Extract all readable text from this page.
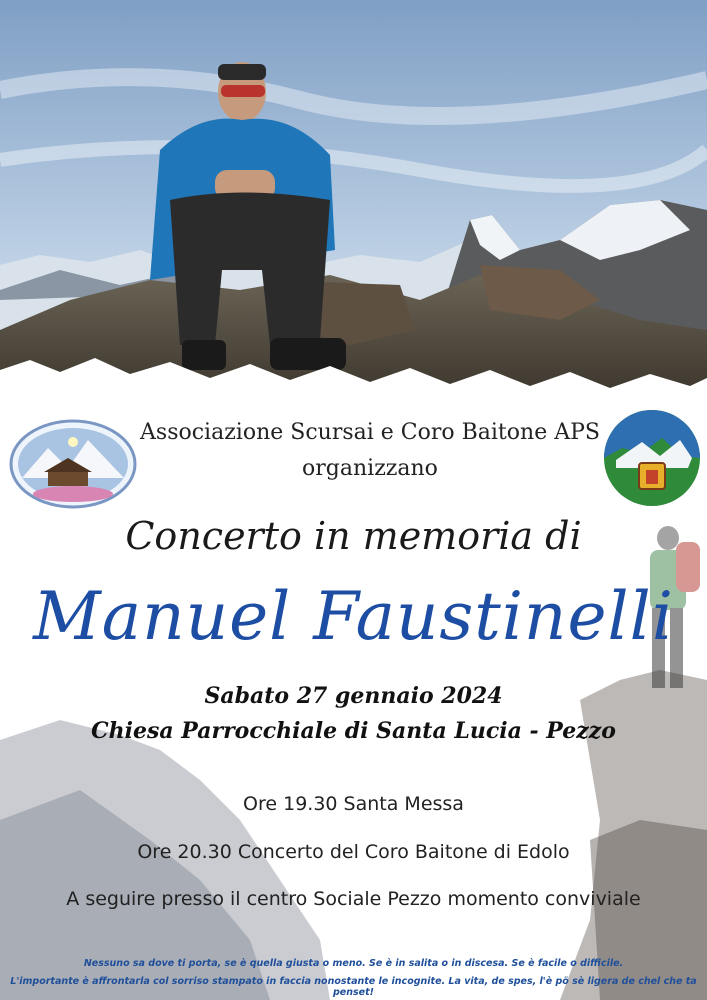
Associazione Scursai e Coro Baitone APS
organizzano
Concerto in memoria di
Manuel Faustinelli
Sabato 27 gennaio 2024
Chiesa Parrocchiale di Santa Lucia - Pezzo
Ore 19.30 Santa Messa
Ore 20.30 Concerto del Coro Baitone di Edolo
A seguire presso il centro Sociale Pezzo momento conviviale
Nessuno sa dove ti porta, se è quella giusta o meno. Se è in salita o in discesa. Se è facile o difficile.
L'importante è affrontarla col sorriso stampato in faccia nonostante le incognite. La vita, de spes, l'è pö sè ligera de chel che ta penset!
